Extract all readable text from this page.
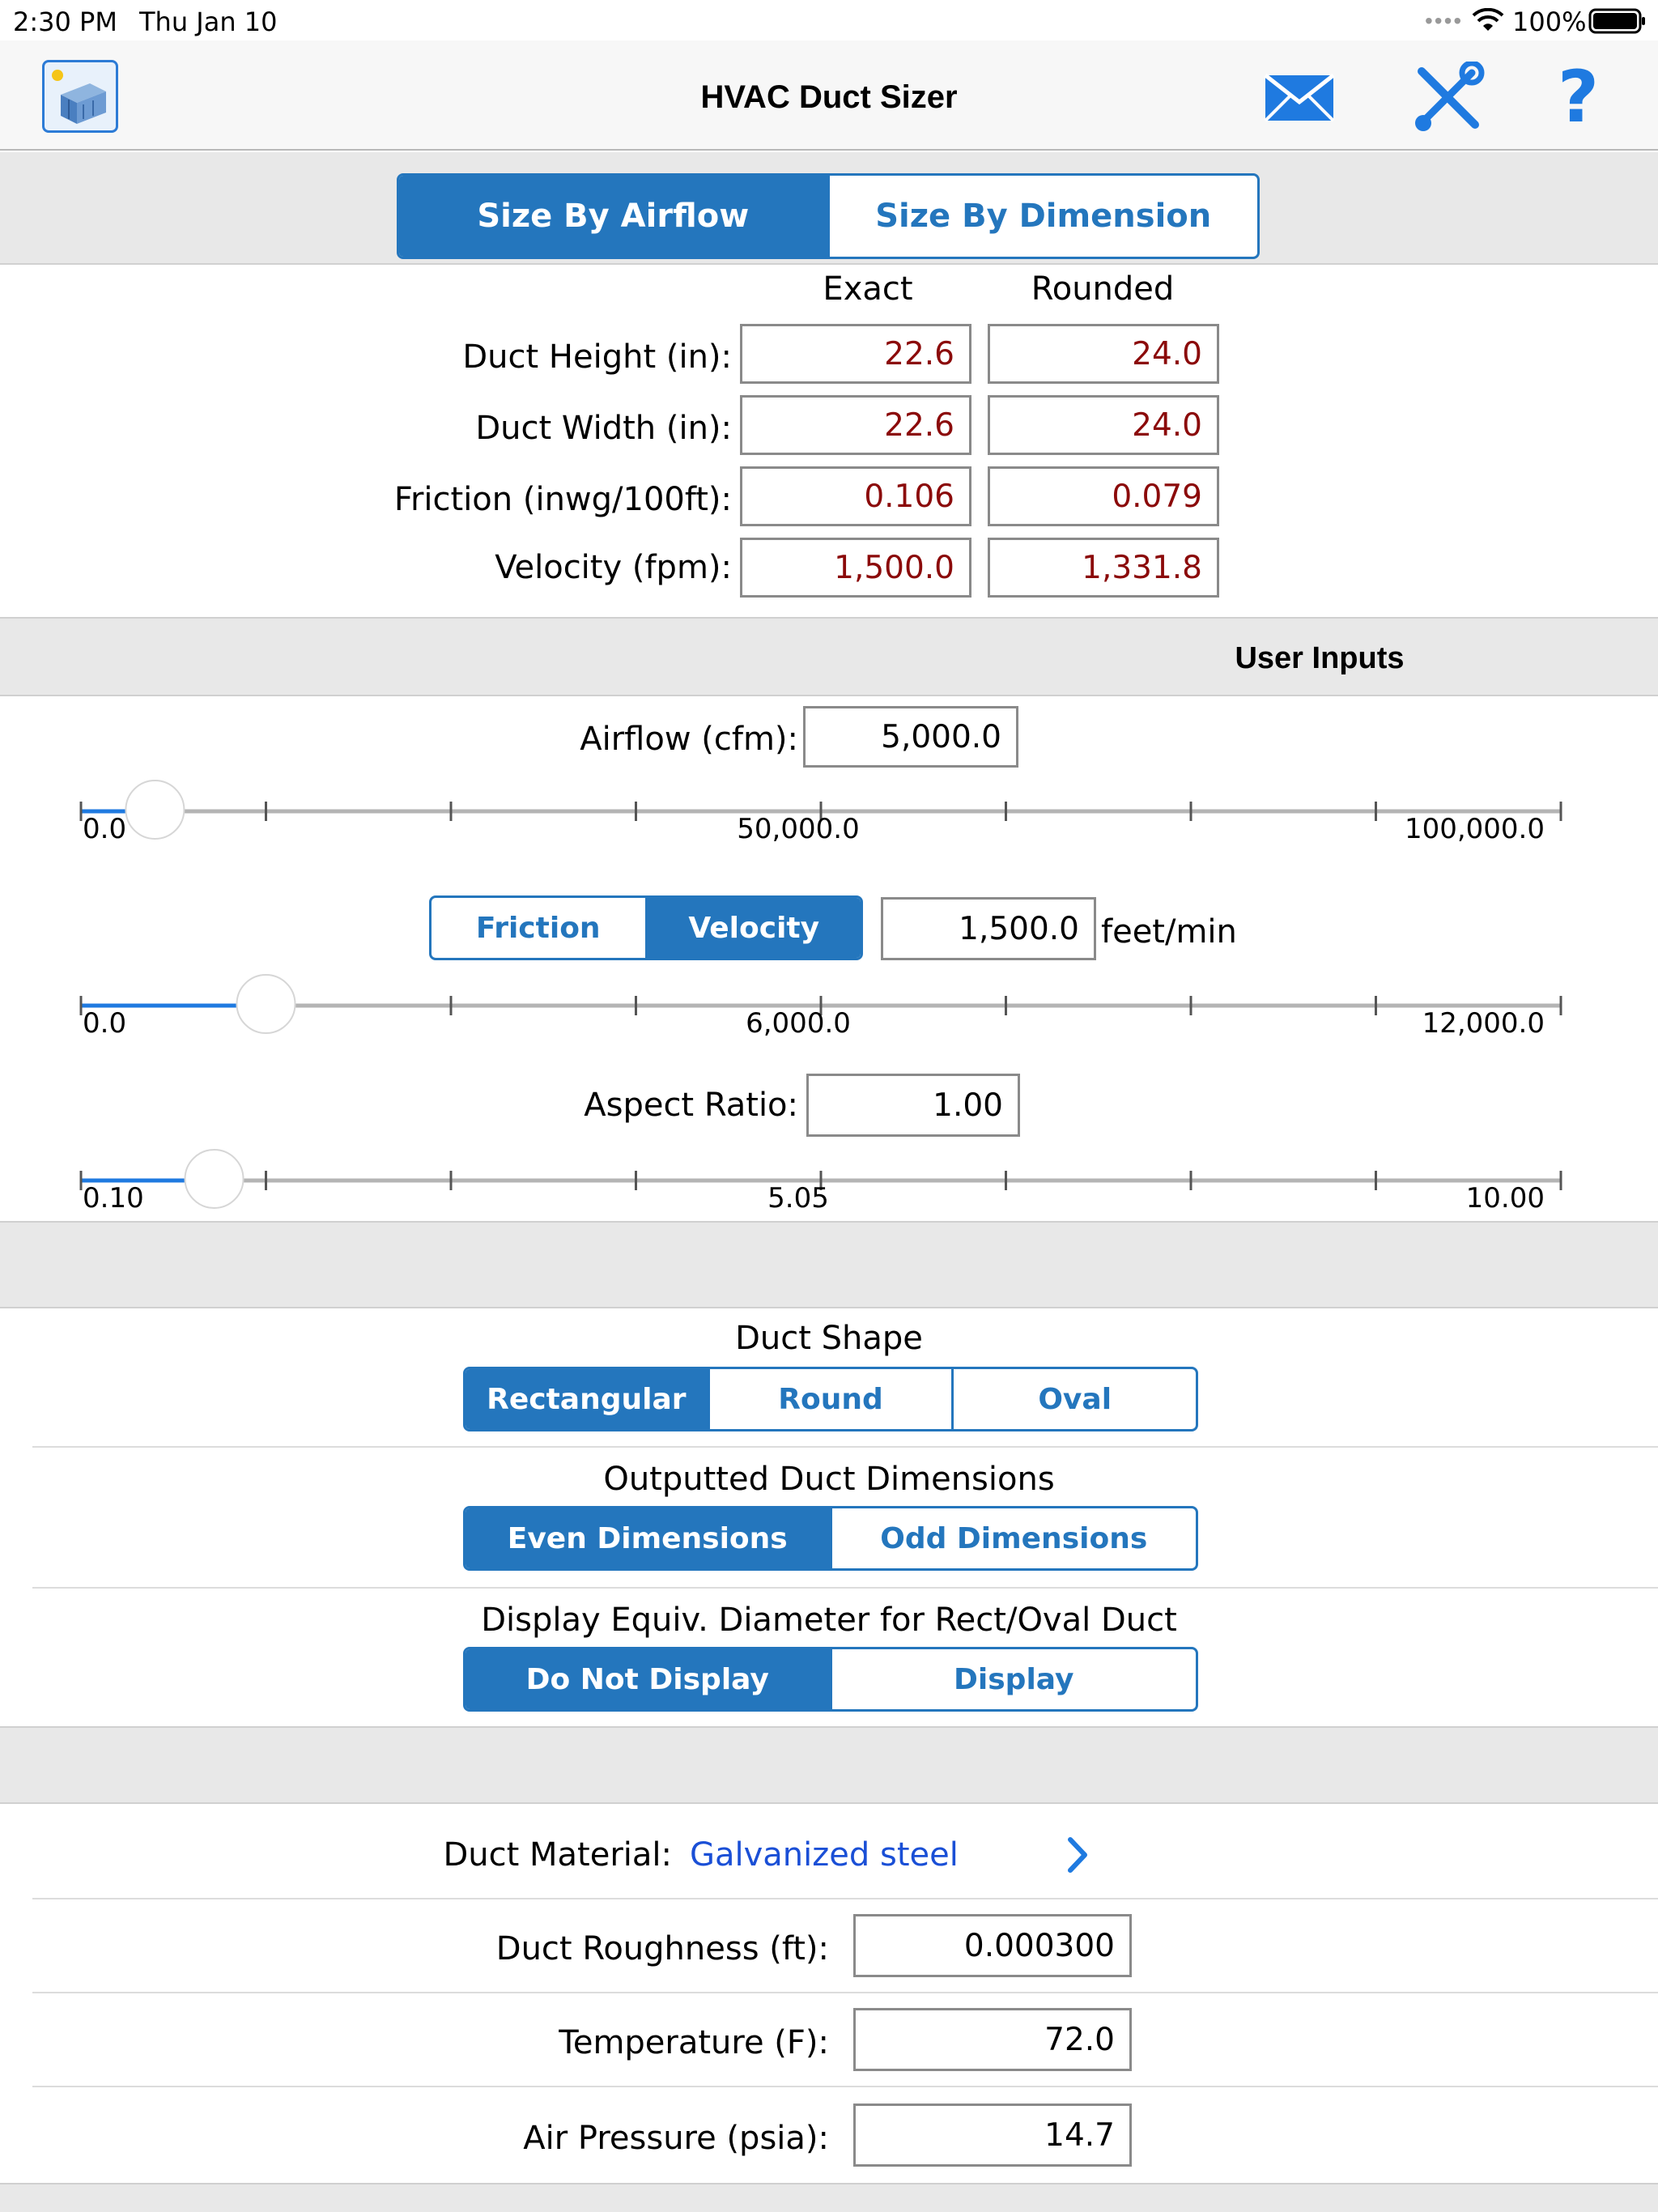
2:30 PM Thu Jan 10	•••• 100%
HVAC Duct Sizer	?
Size By Airflow	Size By Dimension
Exact	Rounded
Duct Height (in):	22.6	24.0
Duct Width (in):	22.6	24.0
Friction (inwg/100ft):	0.106	0.079
Velocity (fpm):	1,500.0	1,331.8
User Inputs
Airflow (cfm):	5,000.0
0.0	50,000.0	100,000.0
Friction	Velocity	1,500.0 feet/min
0.0	6,000.0	12,000.0
Aspect Ratio:	1.00
0.10	5.05	10.00
Duct Shape
Rectangular	Round	Oval
Outputted Duct Dimensions
Even Dimensions	Odd Dimensions
Display Equiv. Diameter for Rect/Oval Duct
Do Not Display	Display
Duct Material: Galvanized steel
Duct Roughness (ft):	0.000300
Temperature (F):	72.0
Air Pressure (psia):	14.7
